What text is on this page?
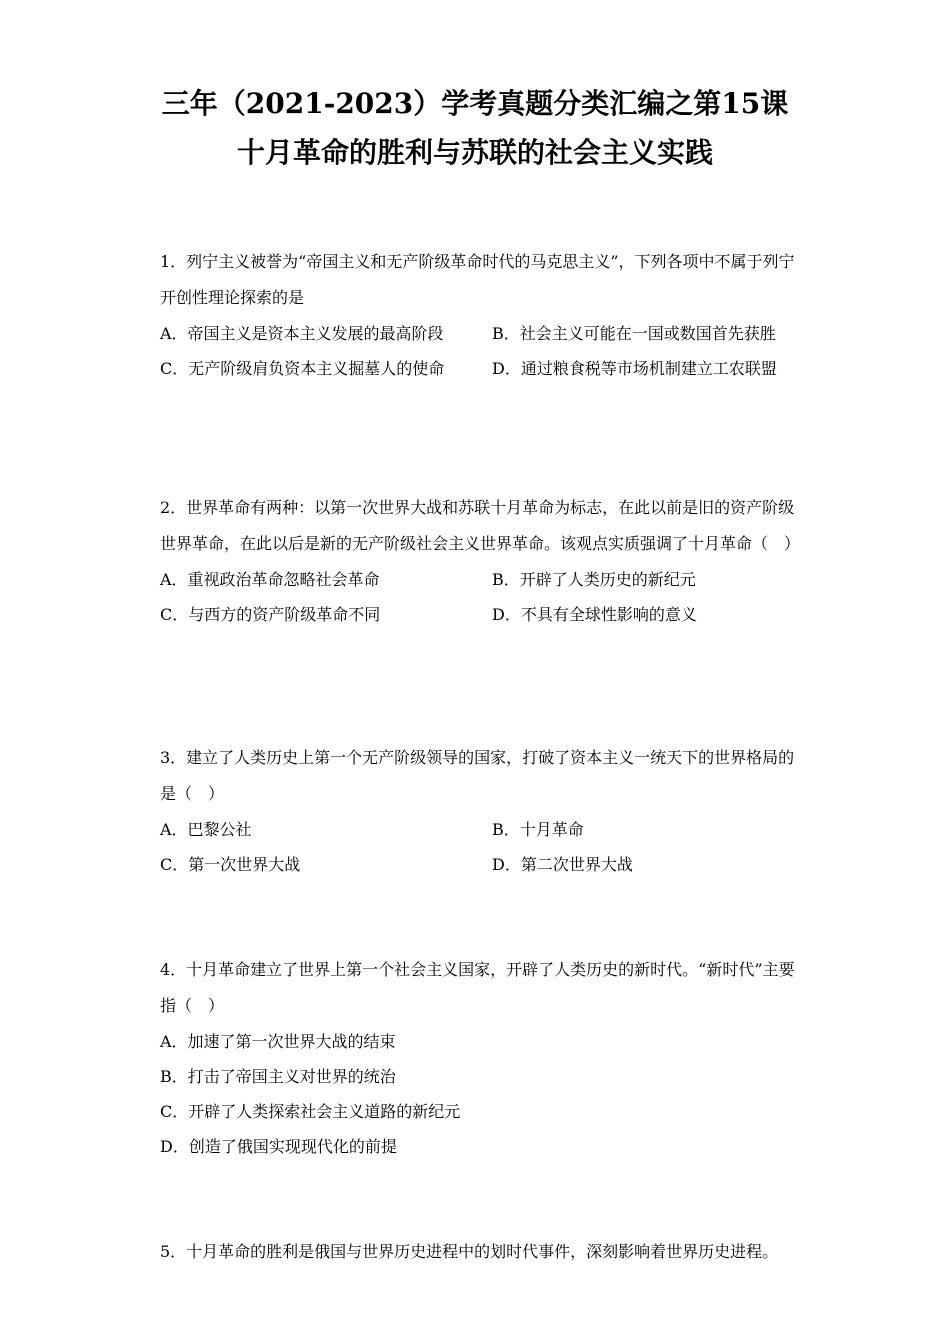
三年（2021-2023）学考真题分类汇编之第15课
十月革命的胜利与苏联的社会主义实践

1．列宁主义被誉为“帝国主义和无产阶级革命时代的马克思主义”，下列各项中不属于列宁开创性理论探索的是

A．帝国主义是资本主义发展的最高阶段	B．社会主义可能在一国或数国首先获胜
C．无产阶级肩负资本主义掘墓人的使命	D．通过粮食税等市场机制建立工农联盟

2．世界革命有两种：以第一次世界大战和苏联十月革命为标志，在此以前是旧的资产阶级世界革命，在此以后是新的无产阶级社会主义世界革命。该观点实质强调了十月革命（　）

A．重视政治革命忽略社会革命	B．开辟了人类历史的新纪元
C．与西方的资产阶级革命不同	D．不具有全球性影响的意义

3．建立了人类历史上第一个无产阶级领导的国家，打破了资本主义一统天下的世界格局的是（　）

A．巴黎公社	B．十月革命
C．第一次世界大战	D．第二次世界大战

4．十月革命建立了世界上第一个社会主义国家，开辟了人类历史的新时代。“新时代”主要指（　）

A．加速了第一次世界大战的结束
B．打击了帝国主义对世界的统治
C．开辟了人类探索社会主义道路的新纪元
D．创造了俄国实现现代化的前提

5．十月革命的胜利是俄国与世界历史进程中的划时代事件，深刻影响着世界历史进程。
